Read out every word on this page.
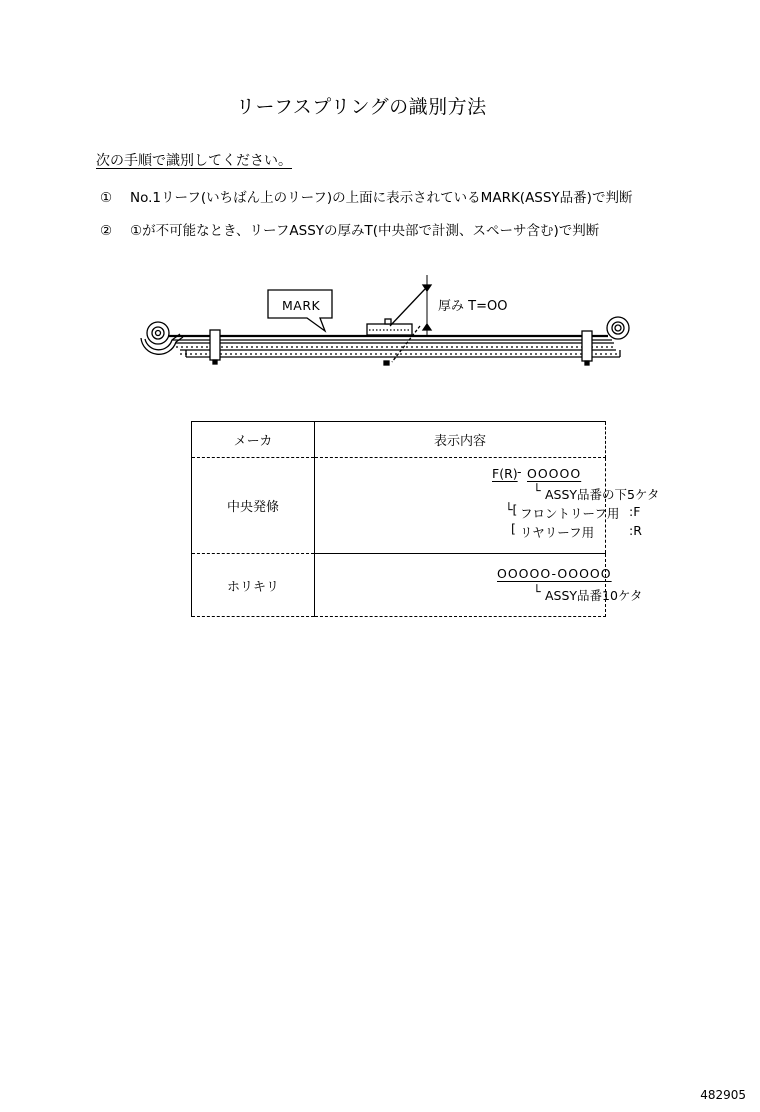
リーフスプリングの識別方法
次の手順で識別してください。
① No.1リーフ(いちばん上のリーフ)の上面に表示されているMARK(ASSY品番)で判断
② ①が不可能なとき、リーフASSYの厚みT(中央部で計測、スペーサ含む)で判断
MARK	厚み T=OO
メーカ	表示内容
中央発條	
F(R) - OOOOO
└ ASSY品番の下5ケタ
└[ フロントリーフ用 :F
[ リヤリーフ用	:R

ホリキリ	OOOOO-OOOOO
└ ASSY品番10ケタ
482905
